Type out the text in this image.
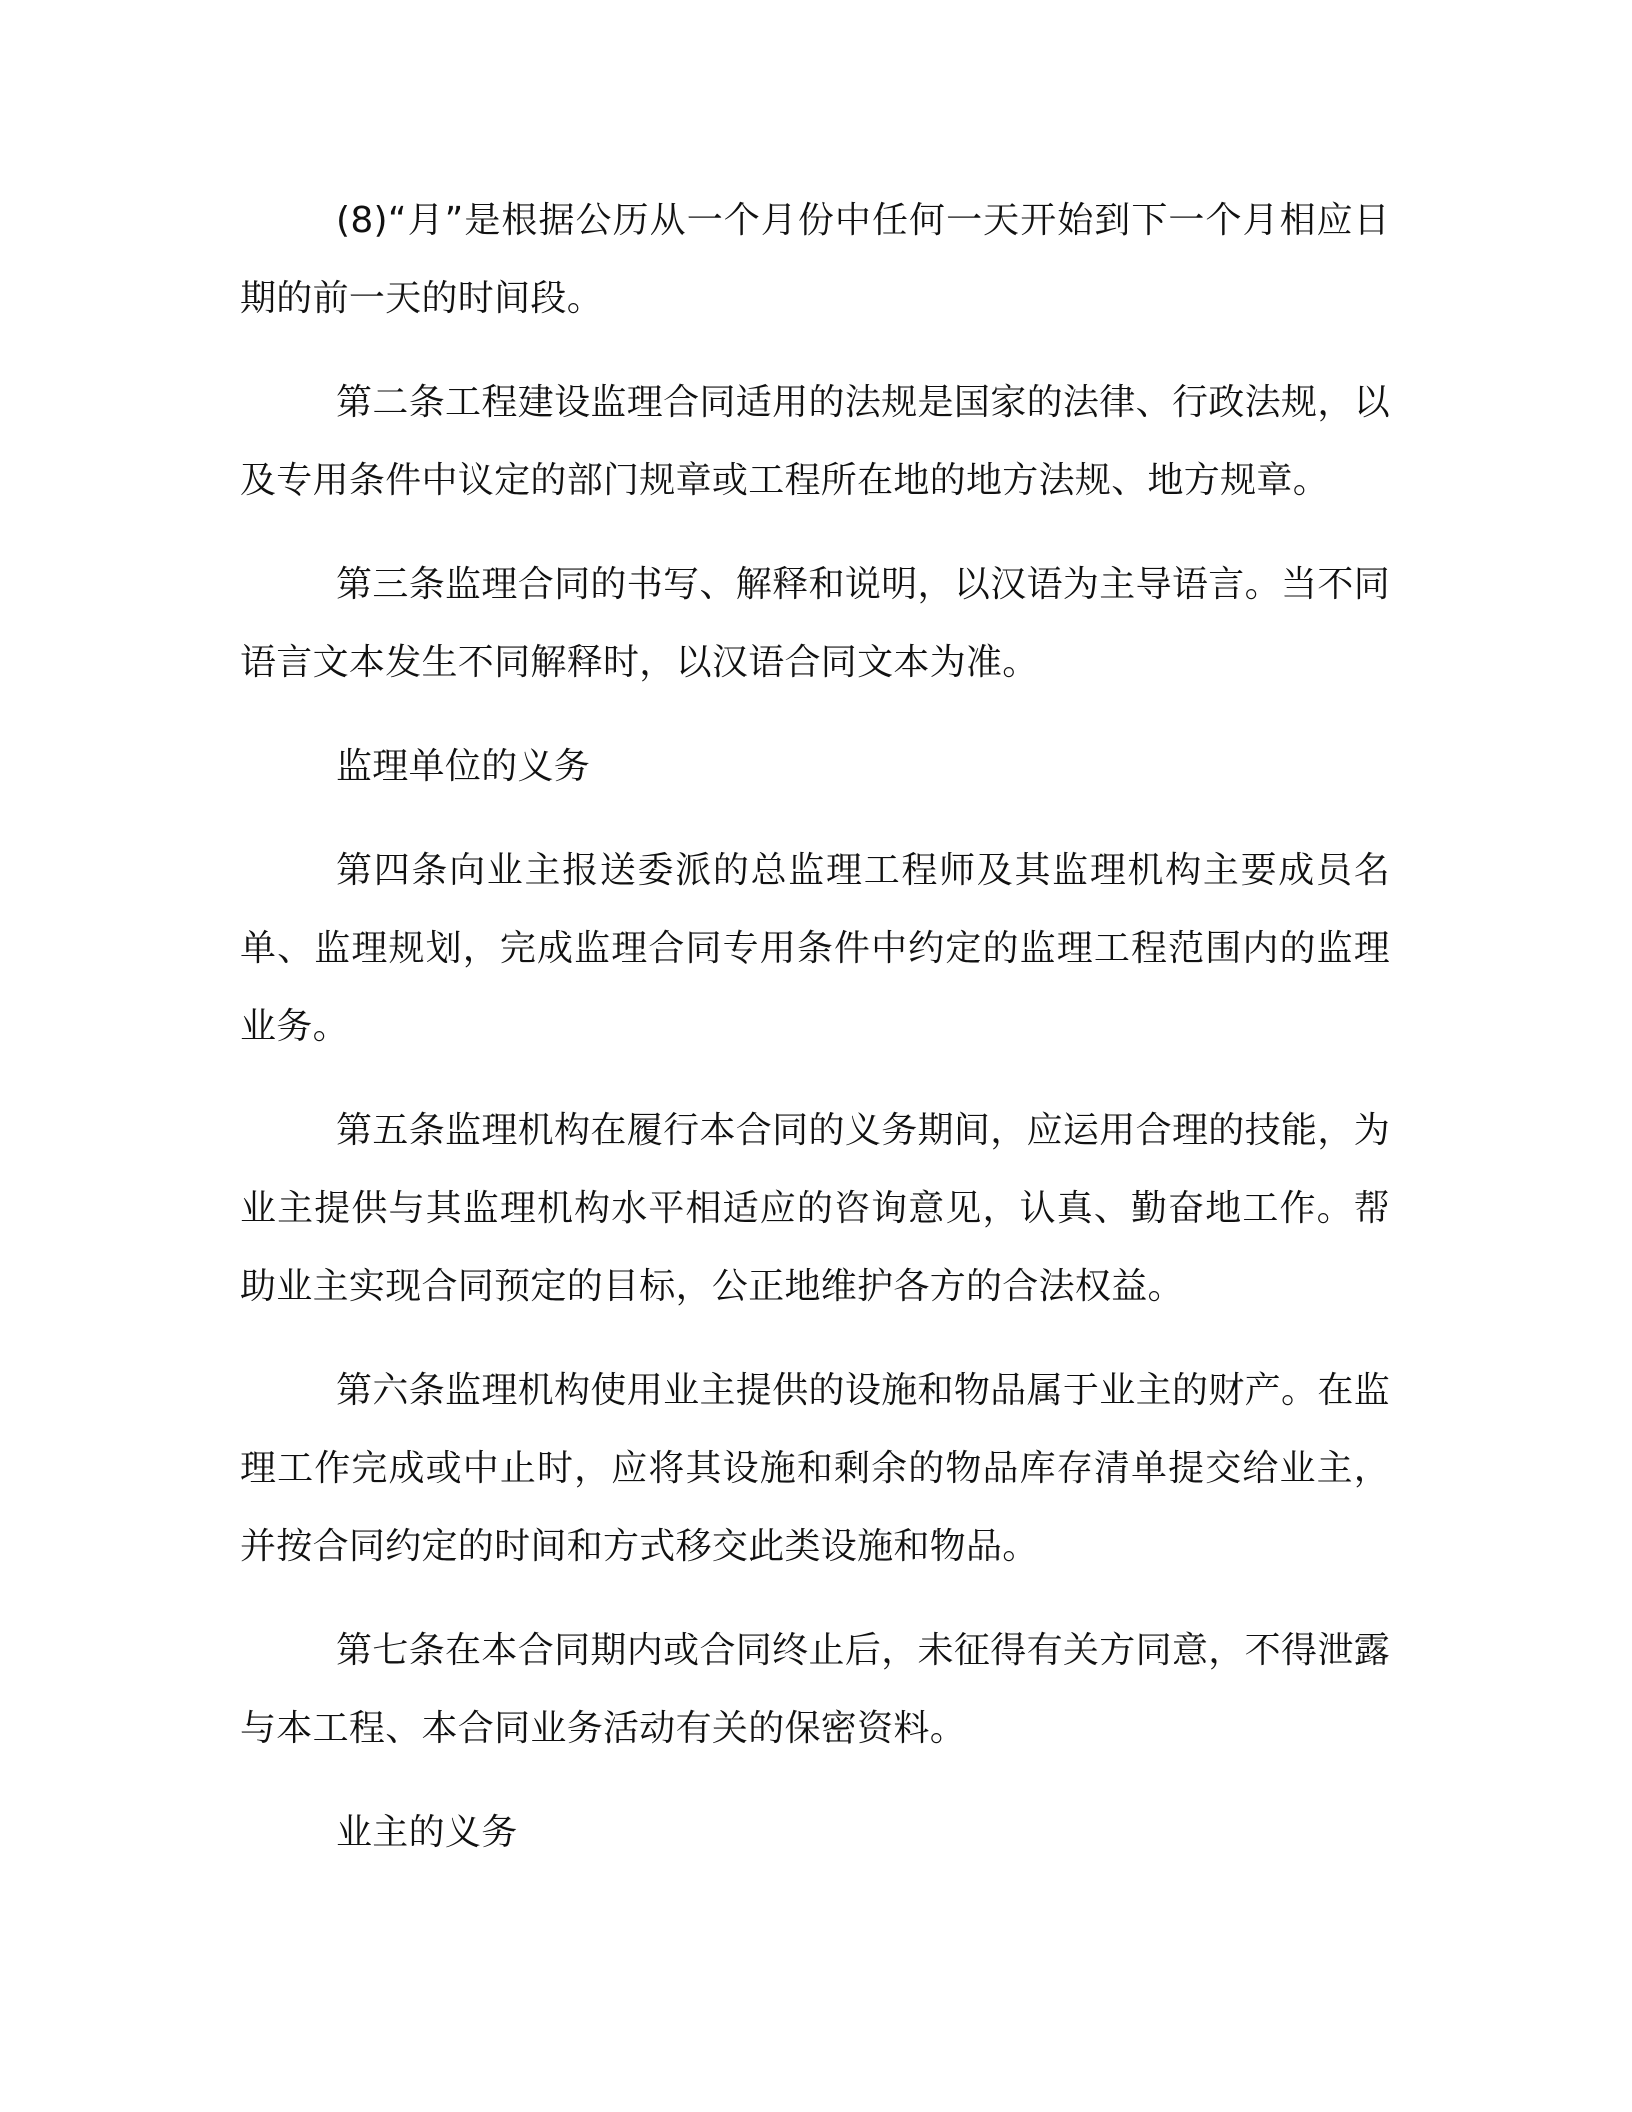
(8)“月”是根据公历从一个月份中任何一天开始到下一个月相应日期的前一天的时间段。

第二条工程建设监理合同适用的法规是国家的法律、行政法规，以及专用条件中议定的部门规章或工程所在地的地方法规、地方规章。

第三条监理合同的书写、解释和说明，以汉语为主导语言。当不同语言文本发生不同解释时，以汉语合同文本为准。

监理单位的义务

第四条向业主报送委派的总监理工程师及其监理机构主要成员名单、监理规划，完成监理合同专用条件中约定的监理工程范围内的监理业务。

第五条监理机构在履行本合同的义务期间，应运用合理的技能，为业主提供与其监理机构水平相适应的咨询意见，认真、勤奋地工作。帮助业主实现合同预定的目标，公正地维护各方的合法权益。

第六条监理机构使用业主提供的设施和物品属于业主的财产。在监理工作完成或中止时，应将其设施和剩余的物品库存清单提交给业主，并按合同约定的时间和方式移交此类设施和物品。

第七条在本合同期内或合同终止后，未征得有关方同意，不得泄露与本工程、本合同业务活动有关的保密资料。

业主的义务
